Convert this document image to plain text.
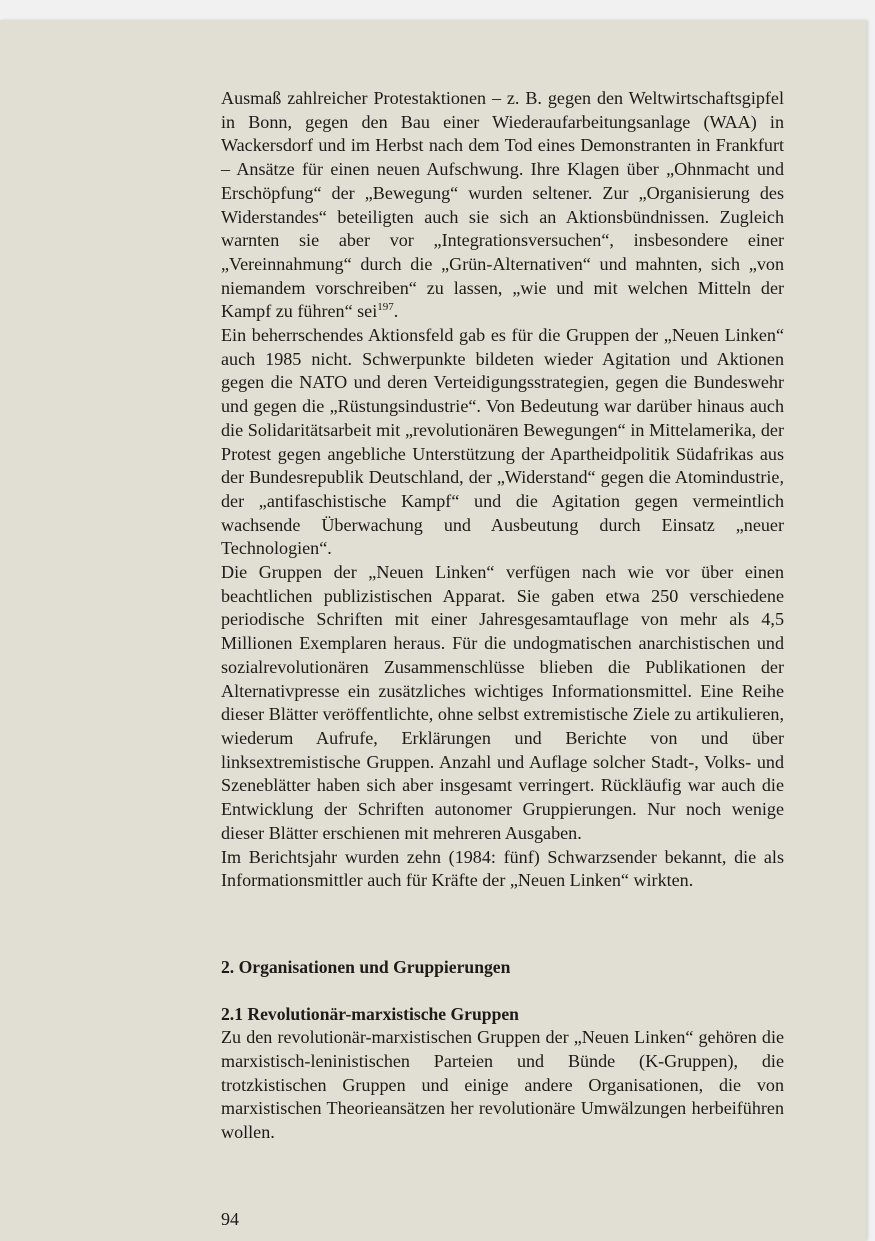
Ausmaß zahlreicher Protestaktionen – z. B. gegen den Weltwirtschaftsgipfel in Bonn, gegen den Bau einer Wiederaufarbeitungsanlage (WAA) in Wackersdorf und im Herbst nach dem Tod eines Demonstranten in Frankfurt – Ansätze für einen neuen Aufschwung. Ihre Klagen über „Ohnmacht und Erschöpfung“ der „Bewegung“ wurden seltener. Zur „Organisierung des Widerstandes“ beteiligten auch sie sich an Aktionsbündnissen. Zugleich warnten sie aber vor „Integrationsversuchen“, insbesondere einer „Vereinnahmung“ durch die „Grün-Alternativen“ und mahnten, sich „von niemandem vorschreiben“ zu lassen, „wie und mit welchen Mitteln der Kampf zu führen“ sei$^{197}$.

Ein beherrschendes Aktionsfeld gab es für die Gruppen der „Neuen Linken“ auch 1985 nicht. Schwerpunkte bildeten wieder Agitation und Aktionen gegen die NATO und deren Verteidigungsstrategien, gegen die Bundeswehr und gegen die „Rüstungsindustrie“. Von Bedeutung war darüber hinaus auch die Solidaritätsarbeit mit „revolutionären Bewegungen“ in Mittelamerika, der Protest gegen angebliche Unterstützung der Apartheidpolitik Südafrikas aus der Bundesrepublik Deutschland, der „Widerstand“ gegen die Atomindustrie, der „antifaschistische Kampf“ und die Agitation gegen vermeintlich wachsende Überwachung und Ausbeutung durch Einsatz „neuer Technologien“.

Die Gruppen der „Neuen Linken“ verfügen nach wie vor über einen beachtlichen publizistischen Apparat. Sie gaben etwa 250 verschiedene periodische Schriften mit einer Jahresgesamtauflage von mehr als 4,5 Millionen Exemplaren heraus. Für die undogmatischen anarchistischen und sozialrevolutionären Zusammenschlüsse blieben die Publikationen der Alternativpresse ein zusätzliches wichtiges Informationsmittel. Eine Reihe dieser Blätter veröffentlichte, ohne selbst extremistische Ziele zu artikulieren, wiederum Aufrufe, Erklärungen und Berichte von und über linksextremistische Gruppen. Anzahl und Auflage solcher Stadt-, Volks- und Szeneblätter haben sich aber insgesamt verringert. Rückläufig war auch die Entwicklung der Schriften autonomer Gruppierungen. Nur noch wenige dieser Blätter erschienen mit mehreren Ausgaben.

Im Berichtsjahr wurden zehn (1984: fünf) Schwarzsender bekannt, die als Informationsmittler auch für Kräfte der „Neuen Linken“ wirkten.

2. Organisationen und Gruppierungen
2.1 Revolutionär-marxistische Gruppen

Zu den revolutionär-marxistischen Gruppen der „Neuen Linken“ gehören die marxistisch-leninistischen Parteien und Bünde (K-Gruppen), die trotzkistischen Gruppen und einige andere Organisationen, die von marxistischen Theorieansätzen her revolutionäre Umwälzungen herbeiführen wollen.

94
